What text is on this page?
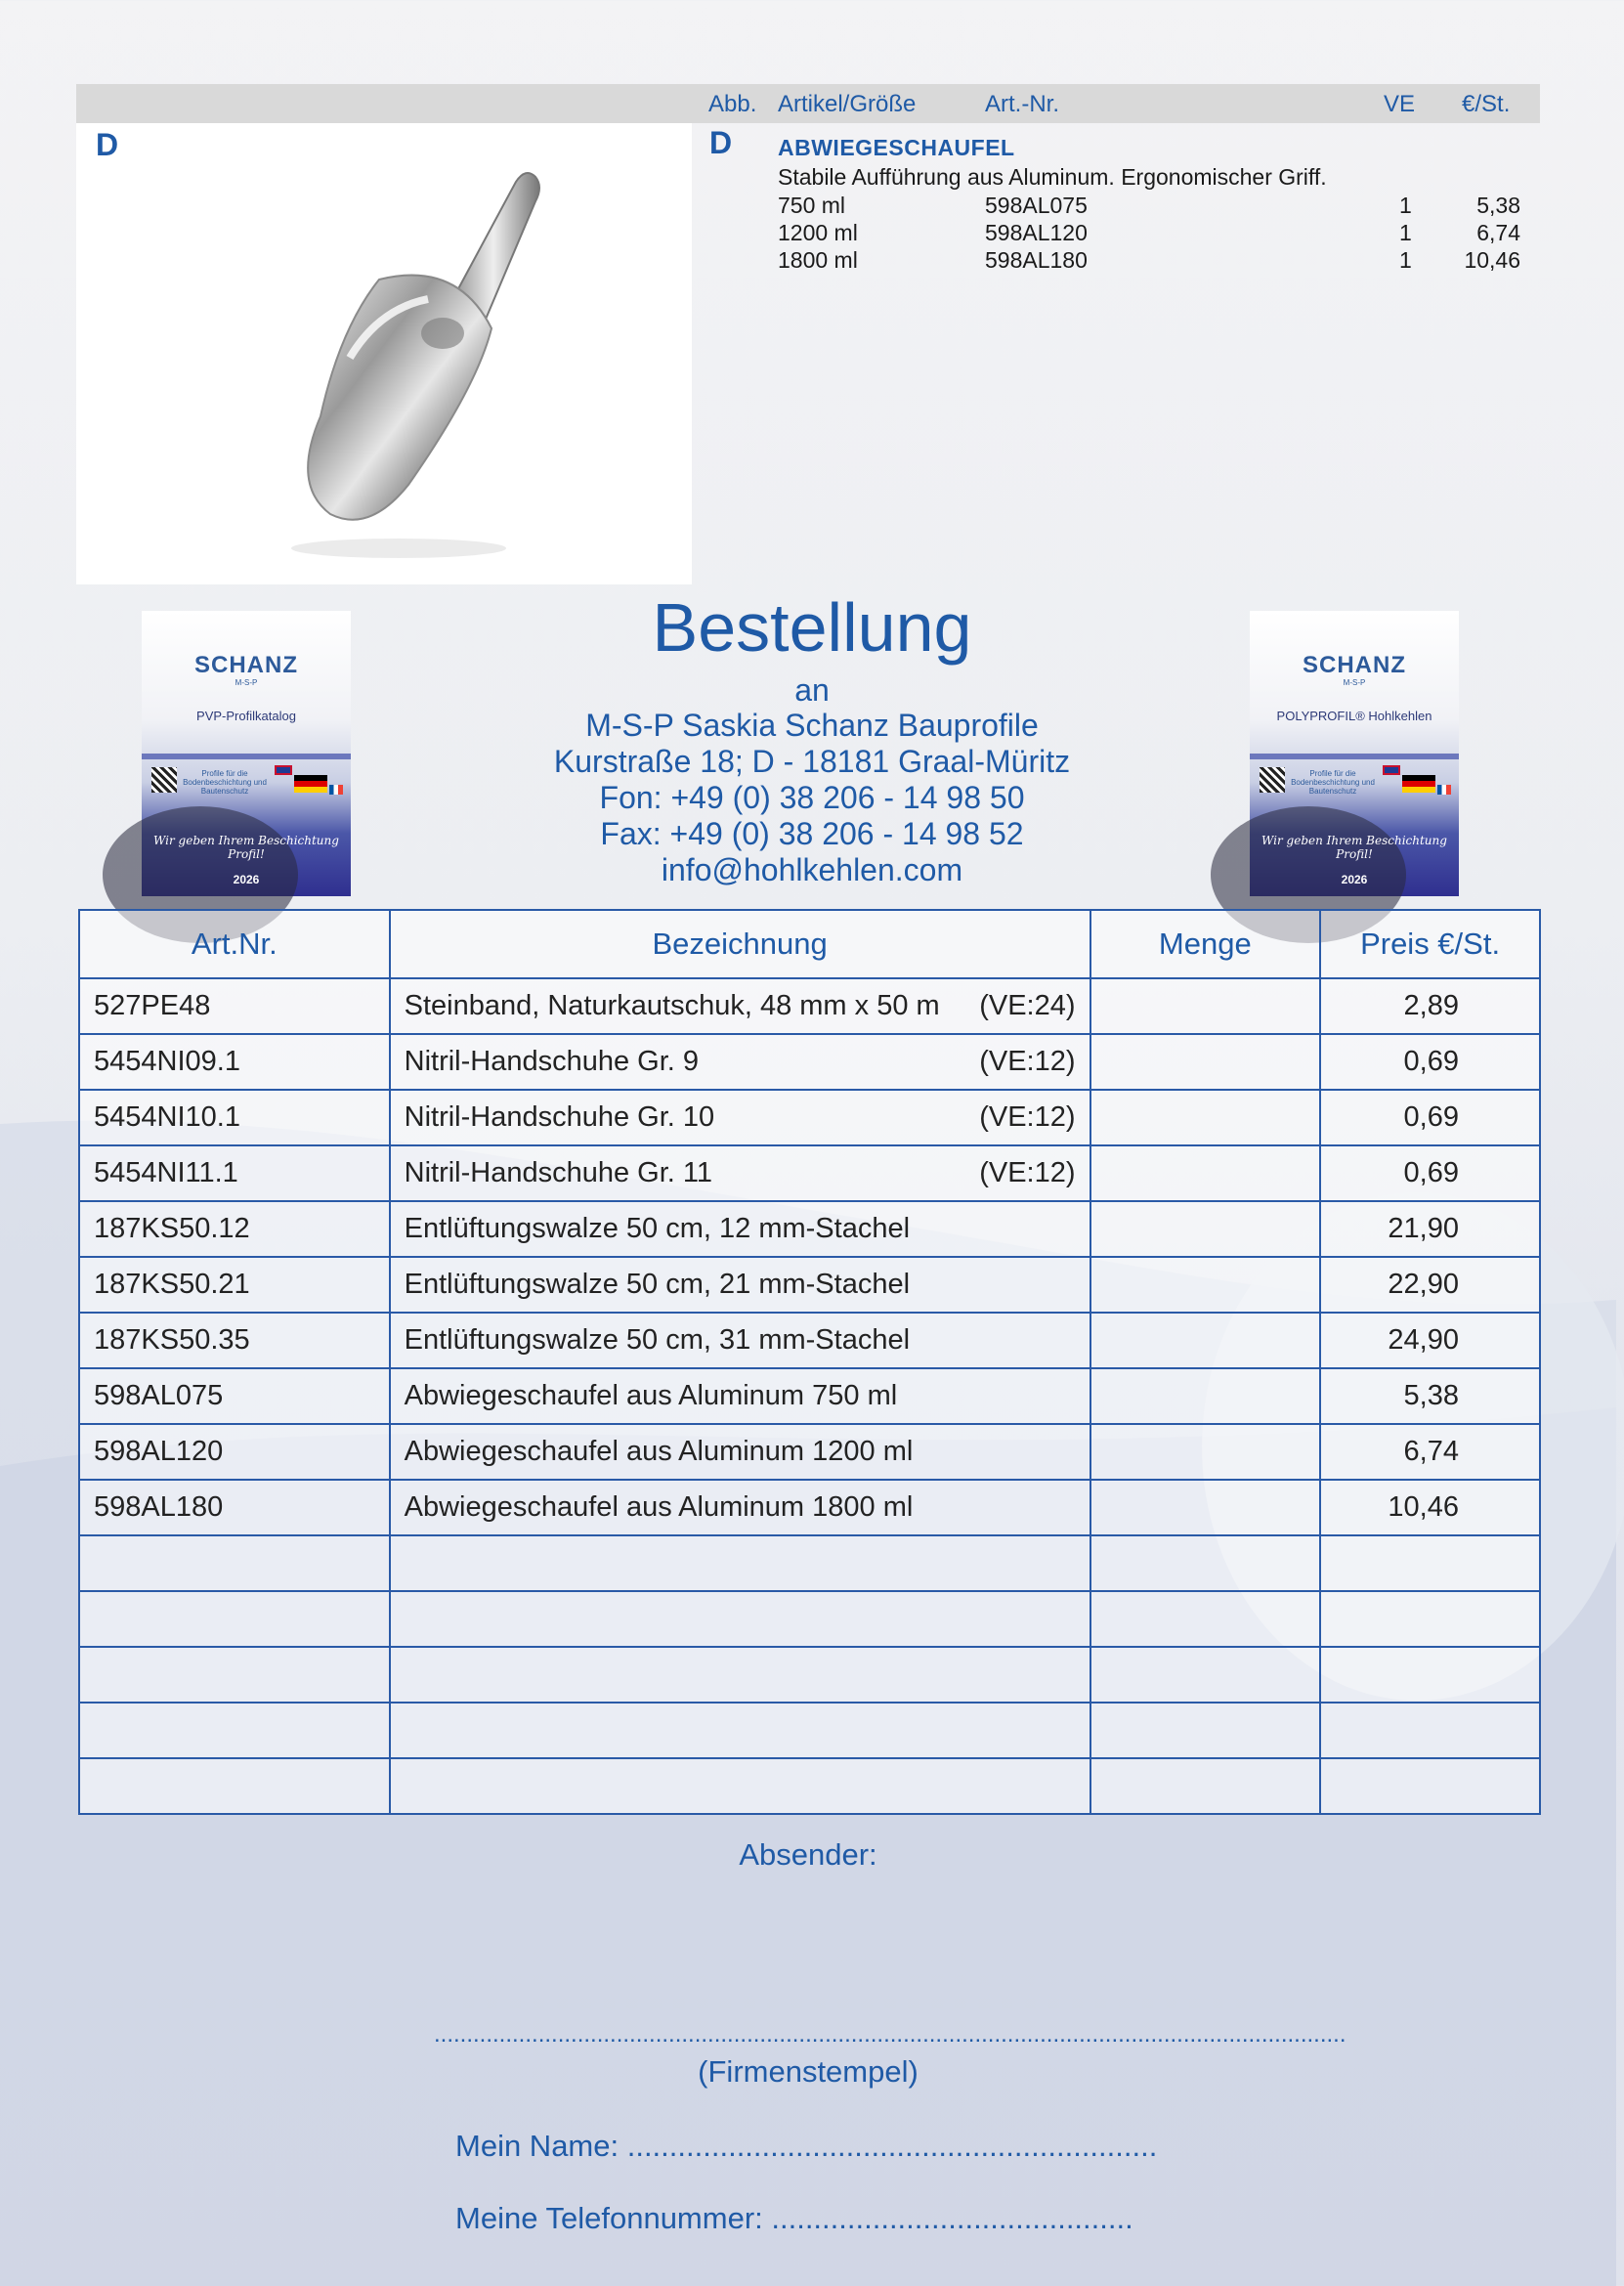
Abb. Artikel/Größe	Art.-Nr.	VE €/St.
D	D ABWIEGESCHAUFEL
Stabile Aufführung aus Aluminum. Ergonomischer Griff.
750 ml	598AL075	1	5,38
1200 ml	598AL120	1	6,74
1800 ml	598AL180	1	10,46
Bestellung
an
M-S-P Saskia Schanz Bauprofile
Kurstraße 18; D - 18181 Graal-Müritz
Fon: +49 (0) 38 206 - 14 98 50
Fax: +49 (0) 38 206 - 14 98 52
info@hohlkehlen.com
SCHANZ
M-S-P
PVP-Profilkatalog
Profile für die Bodenbeschichtung und Bautenschutz
Wir geben Ihrem Beschichtung Profil!
2026
SCHANZ
M-S-P
POLYPROFIL® Hohlkehlen
Profile für die Bodenbeschichtung und Bautenschutz
Wir geben Ihrem Beschichtung Profil!
2026
Art.Nr.	Bezeichnung	Menge	Preis €/St.
527PE48	Steinband, Naturkautschuk, 48 mm x 50 m (VE:24)		2,89
5454NI09.1	Nitril-Handschuhe Gr. 9 (VE:12)		0,69
5454NI10.1	Nitril-Handschuhe Gr. 10 (VE:12)		0,69
5454NI11.1	Nitril-Handschuhe Gr. 11 (VE:12)		0,69
187KS50.12	Entlüftungswalze 50 cm, 12 mm-Stachel		21,90
187KS50.21	Entlüftungswalze 50 cm, 21 mm-Stachel		22,90
187KS50.35	Entlüftungswalze 50 cm, 31 mm-Stachel		24,90
598AL075	Abwiegeschaufel aus Aluminum 750 ml		5,38
598AL120	Abwiegeschaufel aus Aluminum 1200 ml		6,74
598AL180	Abwiegeschaufel aus Aluminum 1800 ml		10,46

Absender:
............................................................................................................................................
(Firmenstempel)
Mein Name: ...............................................................
Meine Telefonnummer: ...........................................
